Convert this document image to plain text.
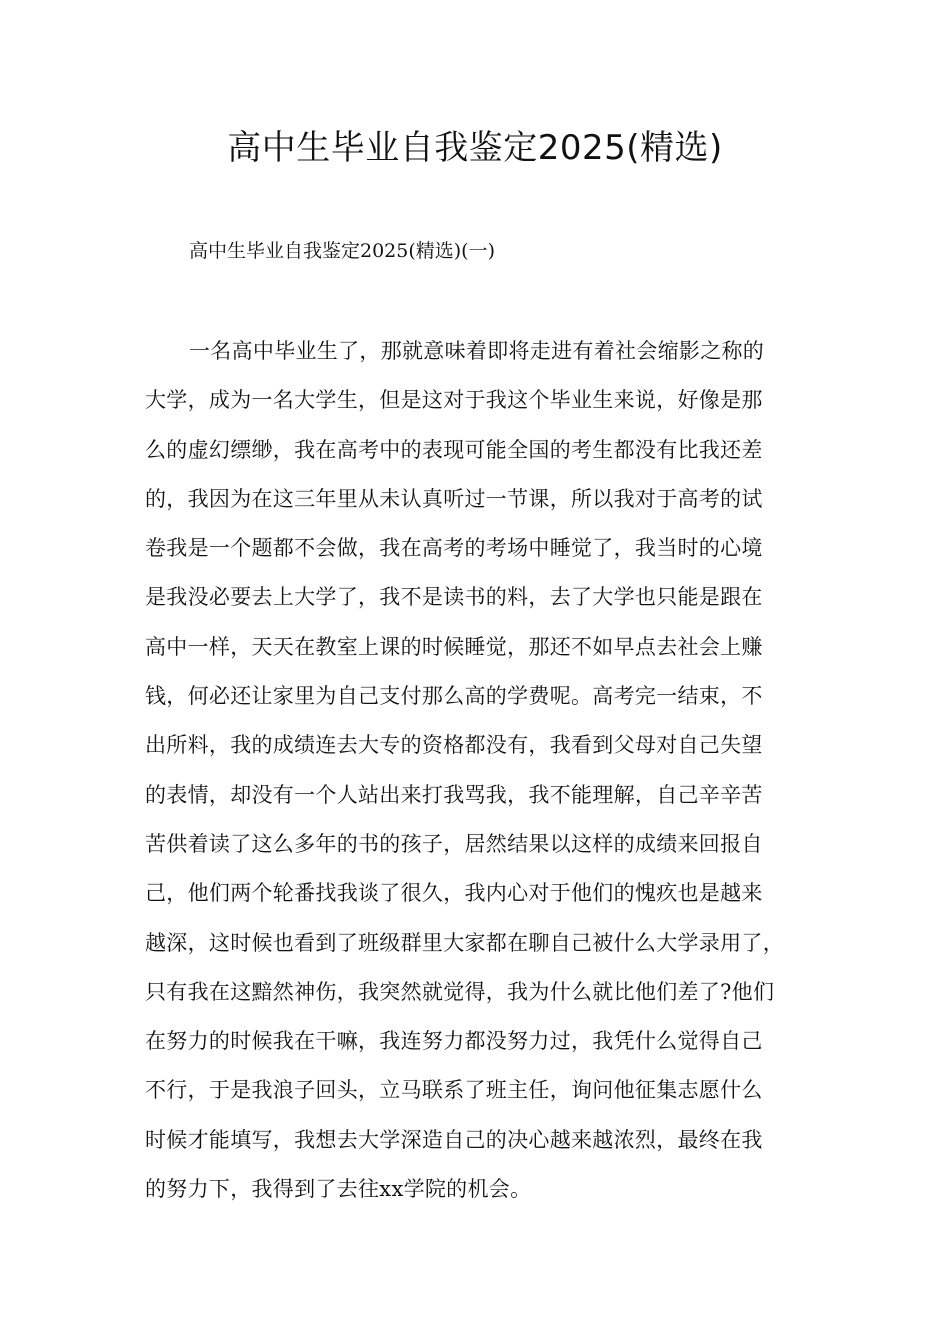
高中生毕业自我鉴定2025(精选)
高中生毕业自我鉴定2025(精选)(一)
一名高中毕业生了，那就意味着即将走进有着社会缩影之称的
大学，成为一名大学生，但是这对于我这个毕业生来说，好像是那
么的虚幻缥缈，我在高考中的表现可能全国的考生都没有比我还差
的，我因为在这三年里从未认真听过一节课，所以我对于高考的试
卷我是一个题都不会做，我在高考的考场中睡觉了，我当时的心境
是我没必要去上大学了，我不是读书的料，去了大学也只能是跟在
高中一样，天天在教室上课的时候睡觉，那还不如早点去社会上赚
钱，何必还让家里为自己支付那么高的学费呢。高考完一结束，不
出所料，我的成绩连去大专的资格都没有，我看到父母对自己失望
的表情，却没有一个人站出来打我骂我，我不能理解，自己辛辛苦
苦供着读了这么多年的书的孩子，居然结果以这样的成绩来回报自
己，他们两个轮番找我谈了很久，我内心对于他们的愧疚也是越来
越深，这时候也看到了班级群里大家都在聊自己被什么大学录用了，
只有我在这黯然神伤，我突然就觉得，我为什么就比他们差了?他们
在努力的时候我在干嘛，我连努力都没努力过，我凭什么觉得自己
不行，于是我浪子回头，立马联系了班主任，询问他征集志愿什么
时候才能填写，我想去大学深造自己的决心越来越浓烈，最终在我
的努力下，我得到了去往xx学院的机会。
